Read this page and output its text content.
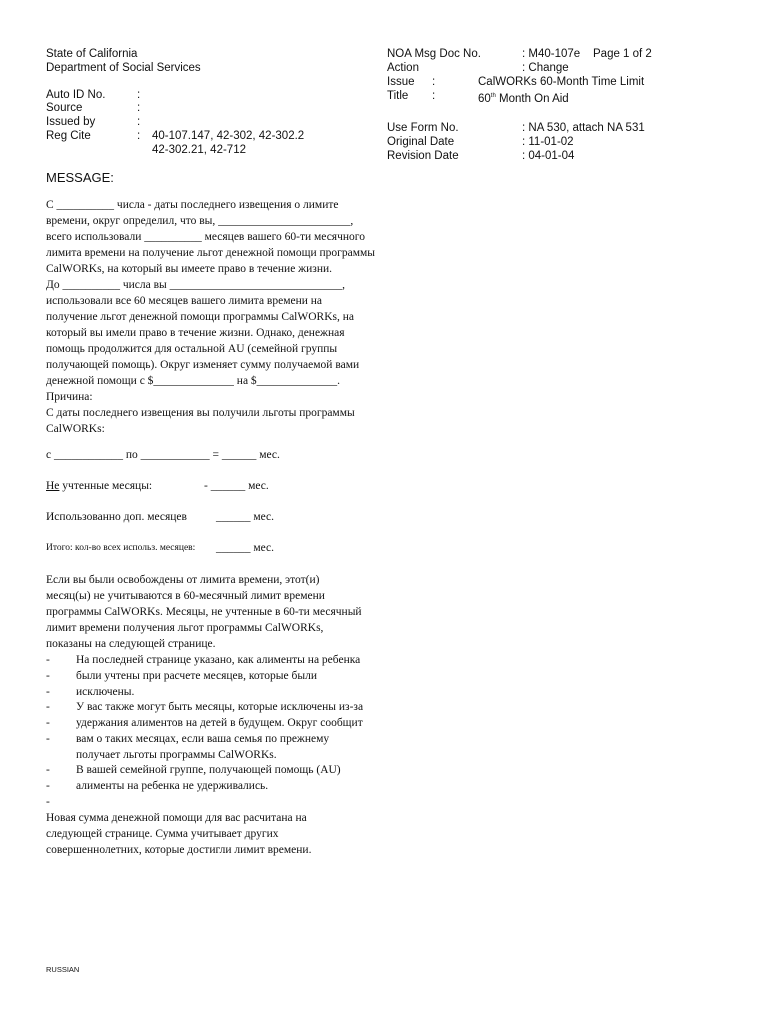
State of California
Department of Social Services
Auto ID No.	:
Source	:
Issued by	:
Reg Cite	: 40-107.147, 42-302, 42-302.2
42-302.21, 42-712
NOA Msg Doc No.	: M40-107e Page 1 of 2
Action	: Change
Issue :	CalWORKs 60-Month Time Limit
Title :	60th Month On Aid
Use Form No.	: NA 530, attach NA 531
Original Date	: 11-01-02
Revision Date	: 04-01-04
MESSAGE:
С __________ числа - даты последнего извещения о лимите
времени, округ определил, что вы, _______________________,
всего использовали __________ месяцев вашего 60-ти месячного
лимита времени на получение льгот денежной помощи программы
CalWORKs, на который вы имеете право в течение жизни.
До __________ числа вы ______________________________,
использовали все 60 месяцев вашего лимита времени на
получение льгот денежной помощи программы CalWORKs, на
который вы имели право в течение жизни. Однако, денежная
помощь продолжится для остальной AU (семейной группы
получающей помощь). Округ изменяет сумму получаемой вами
денежной помощи с $______________ на $______________.
Причина:
С даты последнего извещения вы получили льготы программы
CalWORKs:
с ____________ по ____________ = ______ мес.
Не учтенные месяцы:	- ______ мес.
Использованно доп. месяцев	______ мес.
Итого: кол-во всех использ. месяцев: ______ мес.
Если вы были освобождены от лимита времени, этот(и)
месяц(ы) не учитываются в 60-месячный лимит времени
программы CalWORKs. Месяцы, не учтенные в 60-ти месячный
лимит времени получения льгот программы CalWORKs,
показаны на следующей странице.
---
На последней странице указано, как алименты на ребенка
были учтены при расчете месяцев, которые были
исключены.
---
У вас также могут быть месяцы, которые исключены из-за
удержания алиментов на детей в будущем. Округ сообщит
вам о таких месяцах, если ваша семья по прежнему
получает льготы программы CalWORKs.
---
В вашей семейной группе, получающей помощь (AU)
алименты на ребенка не удерживались.
Новая сумма денежной помощи для вас расчитана на
следующей странице. Сумма учитывает других
совершеннолетних, которые достигли лимит времени.
RUSSIAN
